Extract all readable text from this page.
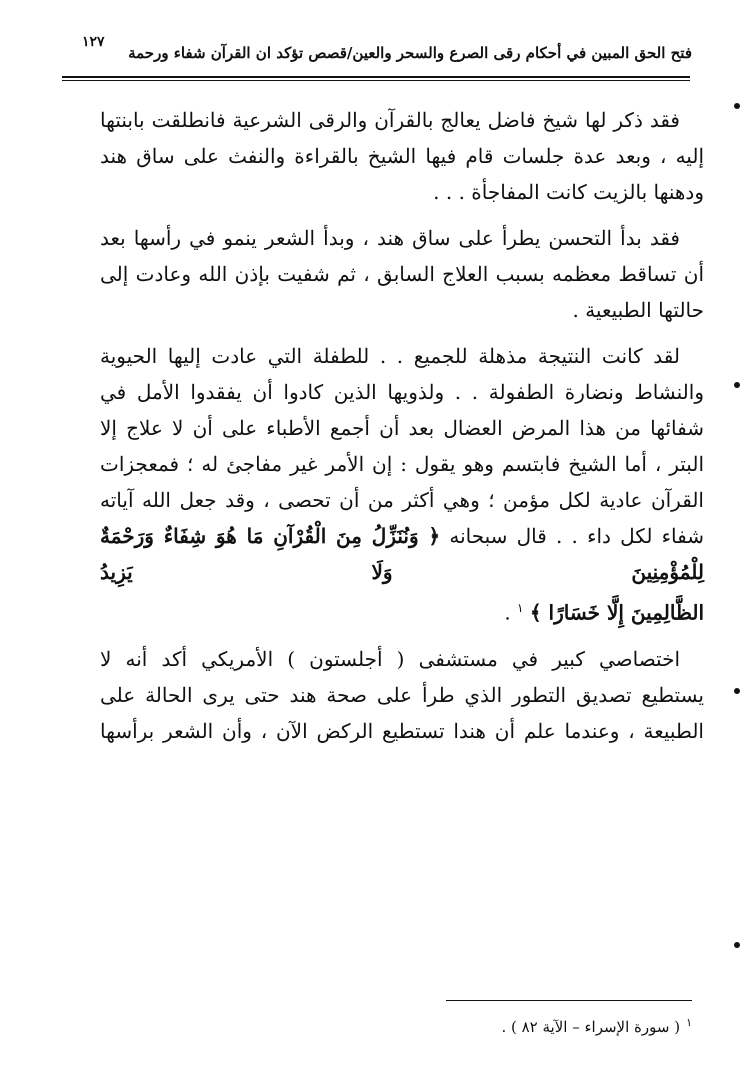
فتح الحق المبين في أحكام رقى الصرع والسحر والعين/قصص تؤكد ان القرآن شفاء ورحمة
١٢٧

فقد ذكر لها شيخ فاضل يعالج بالقرآن والرقى الشرعية فانطلقت بابنتها
إليه ، وبعد عدة جلسات قام فيها الشيخ بالقراءة والنفث على ساق هند
ودهنها بالزيت كانت المفاجأة . . .

فقد بدأ التحسن يطرأ على ساق هند ، وبدأ الشعر ينمو في رأسها بعد
أن تساقط معظمه بسبب العلاج السابق ، ثم شفيت بإذن الله وعادت إلى
حالتها الطبيعية .

لقد كانت النتيجة مذهلة للجميع . . للطفلة التي عادت إليها الحيوية
والنشاط ونضارة الطفولة . . ولذويها الذين كادوا أن يفقدوا الأمل في
شفائها من هذا المرض العضال بعد أن أجمع الأطباء على أن لا علاج إلا
البتر ، أما الشيخ فابتسم وهو يقول : إن الأمر غير مفاجئ له ؛ فمعجزات
القرآن عادية لكل مؤمن ؛ وهي أكثر من أن تحصى ، وقد جعل الله آياته
شفاء لكل داء . . قال سبحانه ﴿ وَنُنَزِّلُ مِنَ الْقُرْآنِ مَا هُوَ شِفَاءٌ وَرَحْمَةٌ لِلْمُؤْمِنِينَ وَلَا يَزِيدُ
الظَّالِمِينَ إِلَّا خَسَارًا ﴾ $^١$ .

اختصاصي كبير في مستشفى ( أجلستون ) الأمريكي أكد أنه لا
يستطيع تصديق التطور الذي طرأ على صحة هند حتى يرى الحالة على
الطبيعة ، وعندما علم أن هندا تستطيع الركض الآن ، وأن الشعر برأسها

$^١$( سورة الإسراء – الآية ٨٢ ) .
